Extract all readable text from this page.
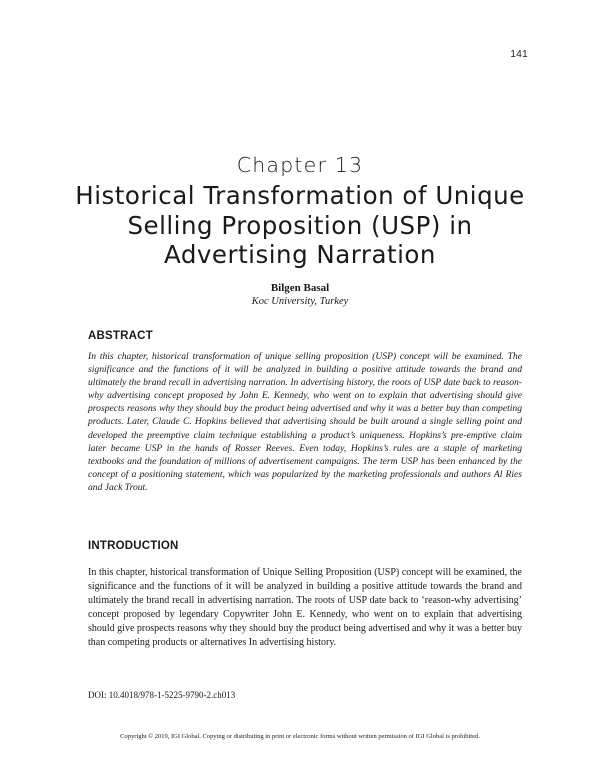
141
Chapter 13
Historical Transformation of Unique Selling Proposition (USP) in Advertising Narration
Bilgen Basal
Koc University, Turkey
ABSTRACT
In this chapter, historical transformation of unique selling proposition (USP) concept will be examined. The significance and the functions of it will be analyzed in building a positive attitude towards the brand and ultimately the brand recall in advertising narration. In advertising history, the roots of USP date back to reason-why advertising concept proposed by John E. Kennedy, who went on to explain that advertising should give prospects reasons why they should buy the product being advertised and why it was a better buy than competing products. Later, Claude C. Hopkins believed that advertising should be built around a single selling point and developed the preemptive claim technique establishing a product’s uniqueness. Hopkins’s pre-emptive claim later became USP in the hands of Rosser Reeves. Even today, Hopkins’s rules are a staple of marketing textbooks and the foundation of millions of advertisement campaigns. The term USP has been enhanced by the concept of a positioning statement, which was popularized by the marketing professionals and authors Al Ries and Jack Trout.
INTRODUCTION
In this chapter, historical transformation of Unique Selling Proposition (USP) concept will be examined, the significance and the functions of it will be analyzed in building a positive attitude towards the brand and ultimately the brand recall in advertising narration. The roots of USP date back to ‘reason-why advertising’ concept proposed by legendary Copywriter John E. Kennedy, who went on to explain that advertising should give prospects reasons why they should buy the product being advertised and why it was a better buy than competing products or alternatives In advertising history.
DOI: 10.4018/978-1-5225-9790-2.ch013
Copyright © 2019, IGI Global. Copying or distributing in print or electronic forms without written permission of IGI Global is prohibited.
